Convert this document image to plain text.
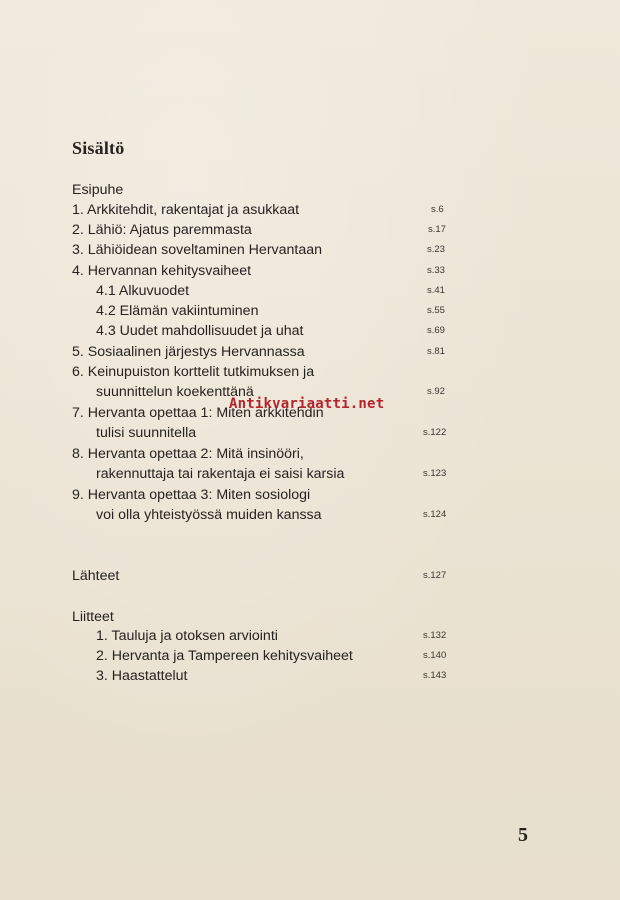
Sisältö
Esipuhe
1. Arkkitehdit, rakentajat ja asukkaat	s.6
2. Lähiö: Ajatus paremmasta	s.17
3. Lähiöidean soveltaminen Hervantaan	s.23
4. Hervannan kehitysvaiheet	s.33
4.1 Alkuvuodet	s.41
4.2 Elämän vakiintuminen	s.55
4.3 Uudet mahdollisuudet ja uhat	s.69
5. Sosiaalinen järjestys Hervannassa	s.81
6. Keinupuiston korttelit tutkimuksen ja
suunnittelun koekenttänä	s.92
7. Hervanta opettaa 1: Miten arkkitehdin
tulisi suunnitella	s.122
8. Hervanta opettaa 2: Mitä insinööri,
rakennuttaja tai rakentaja ei saisi karsia	s.123
9. Hervanta opettaa 3: Miten sosiologi
voi olla yhteistyössä muiden kanssa	s.124
Lähteet	s.127
Liitteet
1. Tauluja ja otoksen arviointi	s.132
2. Hervanta ja Tampereen kehitysvaiheet	s.140
3. Haastattelut	s.143
Antikvariaatti.net
5
